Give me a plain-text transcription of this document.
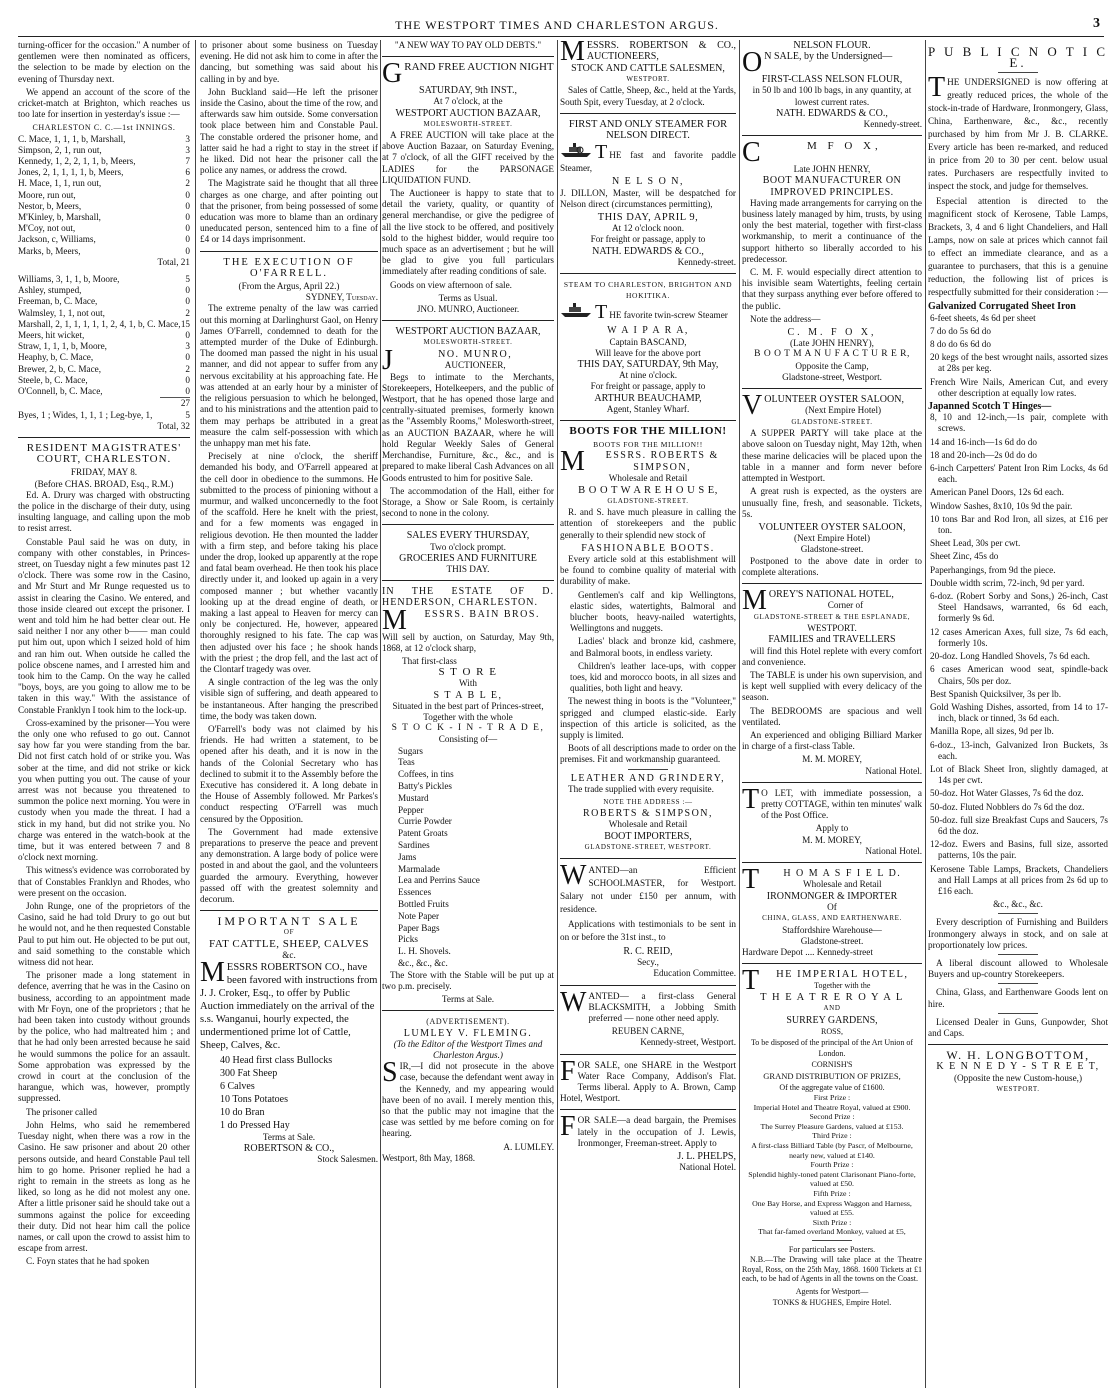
THE WESTPORT TIMES AND CHARLESTON ARGUS.	3

turning-officer for the occasion." A number of gentlemen were then nominated as officers, the selection to be made by election on the evening of Thursday next.

We append an account of the score of the cricket-match at Brighton, which reaches us too late for insertion in yesterday's issue :—

CHARLESTON C. C.—1st INNINGS.
C. Mace, 1, 1, 1, b, Marshall,	3
Simpson, 2, 1, run out,	3
Kennedy, 1, 2, 2, 1, 1, b, Meers,	7
Jones, 2, 1, 1, 1, 1, b, Meers,	6
H. Mace, 1, 1, run out,	2
Moore, run out,	0
Nestor, b, Meers,	0
M'Kinley, b, Marshall,	0
M'Coy, not out,	0
Jackson, c, Williams,	0
Marks, b, Meers,	0
Total, 21
Williams, 3, 1, 1, b, Moore,	5
Ashley, stumped,	0
Freeman, b, C. Mace,	0
Walmsley, 1, 1, not out,	2
Marshall, 2, 1, 1, 1, 1, 1, 2, 4, 1, b, C. Mace, 15
Meers, hit wicket,	0
Straw, 1, 1, 1, b, Moore,	3
Heaphy, b, C. Mace,	0
Brewer, 2, b, C. Mace,	2
Steele, b, C. Mace,	0
O'Connell, b, C. Mace,	0
27
Byes, 1 ; Wides, 1, 1, 1 ; Leg-bye, 1,	5
Total, 32
RESIDENT MAGISTRATES' COURT, CHARLESTON.
FRIDAY, MAY 8.
(Before CHAS. BROAD, Esq., R.M.)

Ed. A. Drury was charged with obstructing the police in the discharge of their duty, using insulting language, and calling upon the mob to resist arrest.

Constable Paul said he was on duty, in company with other constables, in Princes-street, on Tuesday night a few minutes past 12 o'clock. There was some row in the Casino, and Mr Sturt and Mr Runge requested us to assist in clearing the Casino. We entered, and those inside cleared out except the prisoner. I went and told him he had better clear out. He said neither I nor any other b—— man could put him out, upon which I seized hold of him and ran him out. When outside he called the police obscene names, and I arrested him and took him to the Camp. On the way he called "boys, boys, are you going to allow me to be taken in this way." With the assistance of Constable Franklyn I took him to the lock-up.

Cross-examined by the prisoner—You were the only one who refused to go out. Cannot say how far you were standing from the bar. Did not first catch hold of or strike you. Was sober at the time, and did not strike or kick you when putting you out. The cause of your arrest was not because you threatened to summon the police next morning. You were in custody when you made the threat. I had a stick in my hand, but did not strike you. No charge was entered in the watch-book at the time, but it was entered between 7 and 8 o'clock next morning.

This witness's evidence was corroborated by that of Constables Franklyn and Rhodes, who were present on the occasion.

John Runge, one of the proprietors of the Casino, said he had told Drury to go out but he would not, and he then requested Constable Paul to put him out. He objected to be put out, and said something to the constable which witness did not hear.

The prisoner made a long statement in defence, averring that he was in the Casino on business, according to an appointment made with Mr Foyn, one of the proprietors ; that he had been taken into custody without grounds by the police, who had maltreated him ; and that he had only been arrested because he said he would summons the police for an assault. Some approbation was expressed by the crowd in court at the conclusion of the harangue, which was, however, promptly suppressed.

The prisoner called

John Helms, who said he remembered Tuesday night, when there was a row in the Casino. He saw prisoner and about 20 other persons outside, and heard Constable Paul tell him to go home. Prisoner replied he had a right to remain in the streets as long as he liked, so long as he did not molest any one. After a little prisoner said he should take out a summons against the police for exceeding their duty. Did not hear him call the police names, or call upon the crowd to assist him to escape from arrest.

C. Foyn states that he had spoken

to prisoner about some business on Tuesday evening. He did not ask him to come in after the dancing, but something was said about his calling in by and bye.

John Buckland said—He left the prisoner inside the Casino, about the time of the row, and afterwards saw him outside. Some conversation took place between him and Constable Paul. The constable ordered the prisoner home, and latter said he had a right to stay in the street if he liked. Did not hear the prisoner call the police any names, or address the crowd.

The Magistrate said he thought that all three charges as one charge, and after pointing out that the prisoner, from being possessed of some education was more to blame than an ordinary uneducated person, sentenced him to a fine of £4 or 14 days imprisonment.

THE EXECUTION OF O'FARRELL.
(From the Argus, April 22.)
SYDNEY, Tuesday.

The extreme penalty of the law was carried out this morning at Darlinghurst Gaol, on Henry James O'Farrell, condemned to death for the attempted murder of the Duke of Edinburgh. The doomed man passed the night in his usual manner, and did not appear to suffer from any nervous excitability at his approaching fate. He was attended at an early hour by a minister of the religious persuasion to which he belonged, and to his ministrations and the attention paid to them may perhaps be attributed in a great measure the calm self-possession with which the unhappy man met his fate.

Precisely at nine o'clock, the sheriff demanded his body, and O'Farrell appeared at the cell door in obedience to the summons. He submitted to the process of pinioning without a murmur, and walked unconcernedly to the foot of the scaffold. Here he knelt with the priest, and for a few moments was engaged in religious devotion. He then mounted the ladder with a firm step, and before taking his place under the drop, looked up apparently at the rope and fatal beam overhead. He then took his place directly under it, and looked up again in a very composed manner ; but whether vacantly looking up at the dread engine of death, or making a last appeal to Heaven for mercy can only be conjectured. He, however, appeared thoroughly resigned to his fate. The cap was then adjusted over his face ; he shook hands with the priest ; the drop fell, and the last act of the Clontarf tragedy was over.

A single contraction of the leg was the only visible sign of suffering, and death appeared to be instantaneous. After hanging the prescribed time, the body was taken down.

O'Farrell's body was not claimed by his friends. He had written a statement, to be opened after his death, and it is now in the hands of the Colonial Secretary who has declined to submit it to the Assembly before the Executive has considered it. A long debate in the House of Assembly followed. Mr Parkes's conduct respecting O'Farrell was much censured by the Opposition.

The Government had made extensive preparations to preserve the peace and prevent any demonstration. A large body of police were posted in and about the gaol, and the volunteers guarded the armoury. Everything, however passed off with the greatest solemnity and decorum.

IMPORTANT SALE
OF
FAT CATTLE, SHEEP, CALVES
&c.

MESSRS ROBERTSON CO., have been favored with instructions from J. J. Croker, Esq., to offer by Public Auction immediately on the arrival of the s.s. Wanganui, hourly expected, the undermentioned prime lot of Cattle, Sheep, Calves, &c.

40 Head first class Bullocks
300 Fat Sheep
6 Calves
10 Tons Potatoes
10 do Bran
1 do Pressed Hay
Terms at Sale.
ROBERTSON & CO.,
Stock Salesmen.
"A NEW WAY TO PAY OLD DEBTS."
GRAND FREE AUCTION NIGHT
SATURDAY, 9th INST.,
At 7 o'clock, at the
WESTPORT AUCTION BAZAAR,
MOLESWORTH-STREET.

A FREE AUCTION will take place at the above Auction Bazaar, on Saturday Evening, at 7 o'clock, of all the GIFT received by the LADIES for the PARSONAGE LIQUIDATION FUND.

The Auctioneer is happy to state that to detail the variety, quality, or quantity of general merchandise, or give the pedigree of all the live stock to be offered, and positively sold to the highest bidder, would require too much space as an advertisement ; but he will be glad to give you full particulars immediately after reading conditions of sale.

Goods on view afternoon of sale.

Terms as Usual.
JNO. MUNRO, Auctioneer.
WESTPORT AUCTION BAZAAR,
MOLESWORTH-STREET.
J	NO. MUNRO,
AUCTIONEER,

Begs to intimate to the Merchants, Storekeepers, Hotelkeepers, and the public of Westport, that he has opened those large and centrally-situated premises, formerly known as the "Assembly Rooms," Molesworth-street, as an AUCTION BAZAAR, where he will hold Regular Weekly Sales of General Merchandise, Furniture, &c., &c., and is prepared to make liberal Cash Advances on all Goods entrusted to him for positive Sale.

The accommodation of the Hall, either for Storage, a Show or Sale Room, is certainly second to none in the colony.

SALES EVERY THURSDAY,
Two o'clock prompt.
GROCERIES AND FURNITURE
THIS DAY.
IN THE ESTATE OF D. HENDERSON, CHARLESTON.
M ESSRS. BAIN BROS.

Will sell by auction, on Saturday, May 9th, 1868, at 12 o'clock sharp,

That first-class
S T O R E
With
S T A B L E,
Situated in the best part of Princes-street,
Together with the whole
S T O C K - I N - T R A D E,
Consisting of—
Sugars
Teas
Coffees, in tins
Batty's Pickles
Mustard
Pepper
Currie Powder
Patent Groats
Sardines
Jams
Marmalade
Lea and Perrins Sauce
Essences
Bottled Fruits
Note Paper
Paper Bags
Picks
L. H. Shovels.
&c., &c., &c.

The Store with the Stable will be put up at two p.m. precisely.

Terms at Sale.
(ADVERTISEMENT).
LUMLEY V. FLEMING.
(To the Editor of the Westport Times and Charleston Argus.)

SIR,—I did not prosecute in the above case, because the defendant went away in the Kennedy, and my appearing would have been of no avail. I merely mention this, so that the public may not imagine that the case was settled by me before coming on for hearing.

A. LUMLEY.
Westport, 8th May, 1868.
MESSRS. ROBERTSON & CO., AUCTIONEERS,
STOCK AND CATTLE SALESMEN,
WESTPORT.

Sales of Cattle, Sheep, &c., held at the Yards, South Spit, every Tuesday, at 2 o'clock.

FIRST AND ONLY STEAMER FOR NELSON DIRECT.

THE fast and favorite paddle Steamer,

N E L S O N,

J. DILLON, Master, will be despatched for Nelson direct (circumstances permitting),

THIS DAY, APRIL 9,
At 12 o'clock noon.
For freight or passage, apply to
NATH. EDWARDS & CO.,
Kennedy-street.
STEAM TO CHARLESTON, BRIGHTON AND HOKITIKA.

THE favorite twin-screw Steamer

W A I P A R A,
Captain BASCAND,
Will leave for the above port
THIS DAY, SATURDAY, 9th May,
At nine o'clock.
For freight or passage, apply to
ARTHUR BEAUCHAMP,
Agent, Stanley Wharf.
BOOTS FOR THE MILLION!
BOOTS FOR THE MILLION!!
M ESSRS. ROBERTS & SIMPSON,
Wholesale and Retail
B O O T W A R E H O U S E,
GLADSTONE-STREET.

R. and S. have much pleasure in calling the attention of storekeepers and the public generally to their splendid new stock of

FASHIONABLE BOOTS.

Every article sold at this establishment will be found to combine quality of material with durability of make.

Gentlemen's calf and kip Wellingtons, elastic sides, watertights, Balmoral and blucher boots, heavy-nailed watertights, Wellingtons and nuggets.

Ladies' black and bronze kid, cashmere, and Balmoral boots, in endless variety.

Children's leather lace-ups, with copper toes, kid and morocco boots, in all sizes and qualities, both light and heavy.

The newest thing in boots is the "Volunteer," sprigged and clumped elastic-side. Early inspection of this article is solicited, as the supply is limited.

Boots of all descriptions made to order on the premises. Fit and workmanship guaranteed.

LEATHER AND GRINDERY,

The trade supplied with every requisite.

NOTE THE ADDRESS :—
ROBERTS & SIMPSON,
Wholesale and Retail
BOOT IMPORTERS,
GLADSTONE-STREET, WESTPORT.

WANTED—an Efficient SCHOOLMASTER, for Westport. Salary not under £150 per annum, with residence.

Applications with testimonials to be sent in on or before the 31st inst., to

R. C. REID,
Secy.,
Education Committee.

WANTED— a first-class General BLACKSMITH, a Jobbing Smith preferred — none other need apply.

REUBEN CARNE,
Kennedy-street, Westport.

FOR SALE, one SHARE in the Westport Water Race Company, Addison's Flat. Terms liberal. Apply to A. Brown, Camp Hotel, Westport.

FOR SALE—a dead bargain, the Premises lately in the occupation of J. Lewis, Ironmonger, Freeman-street. Apply to

J. L. PHELPS,
National Hotel.
NELSON FLOUR.

O N SALE, by the Undersigned—

FIRST-CLASS NELSON FLOUR,
in 50 lb and 100 lb bags, in any quantity, at lowest current rates.
NATH. EDWARDS & CO.,
Kennedy-street.
C	M F O X,
Late JOHN HENRY,
BOOT MANUFACTURER ON IMPROVED PRINCIPLES.

Having made arrangements for carrying on the business lately managed by him, trusts, by using only the best material, together with first-class workmanship, to merit a continuance of the support hitherto so liberally accorded to his predecessor.

C. M. F. would especially direct attention to his invisible seam Watertights, feeling certain that they surpass anything ever before offered to the public.

Note the address—

C. M. F O X,
(Late JOHN HENRY),
B O O T M A N U F A C T U R E R,
Opposite the Camp,
Gladstone-street, Westport.
VOLUNTEER OYSTER SALOON,
(Next Empire Hotel)
GLADSTONE-STREET.

A SUPPER PARTY will take place at the above saloon on Tuesday night, May 12th, when these marine delicacies will be placed upon the table in a manner and form never before attempted in Westport.

A great rush is expected, as the oysters are unusually fine, fresh, and seasonable. Tickets, 5s.

VOLUNTEER OYSTER SALOON,
(Next Empire Hotel)
Gladstone-street.

Postponed to the above date in order to complete alterations.

MOREY'S NATIONAL HOTEL,
Corner of
GLADSTONE-STREET & THE ESPLANADE,
WESTPORT.
FAMILIES and TRAVELLERS

will find this Hotel replete with every comfort and convenience.

The TABLE is under his own supervision, and is kept well supplied with every delicacy of the season.

The BEDROOMS are spacious and well ventilated.

An experienced and obliging Billiard Marker in charge of a first-class Table.

M. M. MOREY,
National Hotel.

T O LET, with immediate possession, a pretty COTTAGE, within ten minutes' walk of the Post Office.

Apply to
M. M. MOREY,
National Hotel.
T H O M A S F I E L D.
Wholesale and Retail
IRONMONGER & IMPORTER
Of
CHINA, GLASS, AND EARTHENWARE.
Staffordshire Warehouse—
Gladstone-street.
Hardware Depot .... Kennedy-street
T HE IMPERIAL HOTEL,
Together with the
T H E A T R E R O Y A L
AND
SURREY GARDENS,
ROSS,
To be disposed of the principal of the Art Union of London.
CORNISH'S
GRAND DISTRIBUTION OF PRIZES,
Of the aggregate value of £1600.
First Prize :
Imperial Hotel and Theatre Royal, valued at £900.
Second Prize :
The Surrey Pleasure Gardens, valued at £153.
Third Prize :
A first-class Billiard Table (by Pascr, of Melbourne, nearly new, valued at £140.
Fourth Prize :
Splendid highly-toned patent Clarisonant Piano-forte, valued at £50.
Fifth Prize :
One Bay Horse, and Express Waggon and Harness, valued at £55.
Sixth Prize :
That far-famed overland Monkey, valued at £5,
For particulars see Posters.

N.B.—The Drawing will take place at the Theatre Royal, Ross, on the 25th May, 1868. 1600 Tickets at £1 each, to be had of Agents in all the towns on the Coast.

Agents for Westport—
TONKS & HUGHES, Empire Hotel.
P U B L I C N O T I C E.

THE UNDERSIGNED is now offering at greatly reduced prices, the whole of the stock-in-trade of Hardware, Ironmongery, Glass, China, Earthenware, &c., &c., recently purchased by him from Mr J. B. CLARKE. Every article has been re-marked, and reduced in price from 20 to 30 per cent. below usual rates. Purchasers are respectfully invited to inspect the stock, and judge for themselves.

Especial attention is directed to the magnificent stock of Kerosene, Table Lamps, Brackets, 3, 4 and 6 light Chandeliers, and Hall Lamps, now on sale at prices which cannot fail to effect an immediate clearance, and as a guarantee to purchasers, that this is a genuine reduction, the following list of prices is respectfully submitted for their consideration :—

Galvanized Corrugated Sheet Iron
6-feet sheets, 4s 6d per sheet
7 do do 5s 6d do
8 do do 6s 6d do
20 kegs of the best wrought nails, assorted sizes at 28s per keg.
French Wire Nails, American Cut, and every other description at equally low rates.
Japanned Scotch T Hinges—
8, 10 and 12-inch,—1s pair, complete with screws.
14 and 16-inch—1s 6d do do
18 and 20-inch—2s 0d do do
6-inch Carpetters' Patent Iron Rim Locks, 4s 6d each.
American Panel Doors, 12s 6d each.
Window Sashes, 8x10, 10s 9d the pair.
10 tons Bar and Rod Iron, all sizes, at £16 per ton.
Sheet Lead, 30s per cwt.
Sheet Zinc, 45s do
Paperhangings, from 9d the piece.
Double width scrim, 72-inch, 9d per yard.
6-doz. (Robert Sorby and Sons,) 26-inch, Cast Steel Handsaws, warranted, 6s 6d each, formerly 9s 6d.
12 cases American Axes, full size, 7s 6d each, formerly 10s.
20-doz. Long Handled Shovels, 7s 6d each.
6 cases American wood seat, spindle-back Chairs, 50s per doz.
Best Spanish Quicksilver, 3s per lb.
Gold Washing Dishes, assorted, from 14 to 17-inch, black or tinned, 3s 6d each.
Manilla Rope, all sizes, 9d per lb.
6-doz., 13-inch, Galvanized Iron Buckets, 3s each.
Lot of Black Sheet Iron, slightly damaged, at 14s per cwt.
50-doz. Hot Water Glasses, 7s 6d the doz.
50-doz. Fluted Nobblers do 7s 6d the doz.
50-doz. full size Breakfast Cups and Saucers, 7s 6d the doz.
12-doz. Ewers and Basins, full size, assorted patterns, 10s the pair.
Kerosene Table Lamps, Brackets, Chandeliers and Hall Lamps at all prices from 2s 6d up to £16 each.
&c., &c., &c.

Every description of Furnishing and Builders Ironmongery always in stock, and on sale at proportionately low prices.

A liberal discount allowed to Wholesale Buyers and up-country Storekeepers.

China, Glass, and Earthenware Goods lent on hire.

Licensed Dealer in Guns, Gunpowder, Shot and Caps.

W. H. LONGBOTTOM,
K E N N E D Y - S T R E E T,
(Opposite the new Custom-house,)
WESTPORT.
